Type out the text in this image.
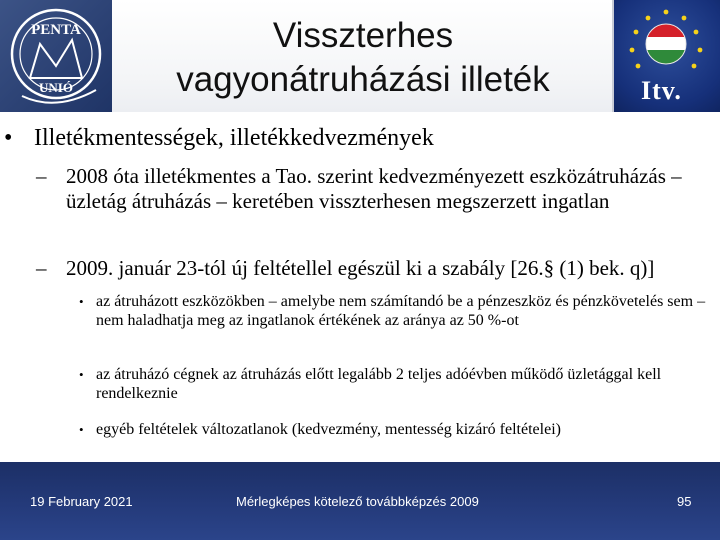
PENTA
UNIÓ
Visszterhes
vagyonátruházási illeték	Itv.
• Illetékmentességek, illetékkedvezmények
– 2008 óta illetékmentes a Tao. szerint kedvezményezett eszközátruházás – üzletág átruházás – keretében visszterhesen megszerzett ingatlan
– 2009. január 23-tól új feltétellel egészül ki a szabály [26.§ (1) bek. q)]
• az átruházott eszközökben – amelybe nem számítandó be a pénzeszköz és pénzkövetelés sem – nem haladhatja meg az ingatlanok értékének az aránya az 50 %-ot
• az átruházó cégnek az átruházás előtt legalább 2 teljes adóévben működő üzletággal kell rendelkeznie
• egyéb feltételek változatlanok (kedvezmény, mentesség kizáró feltételei)
19 February 2021	Mérlegképes kötelező továbbképzés 2009	95
